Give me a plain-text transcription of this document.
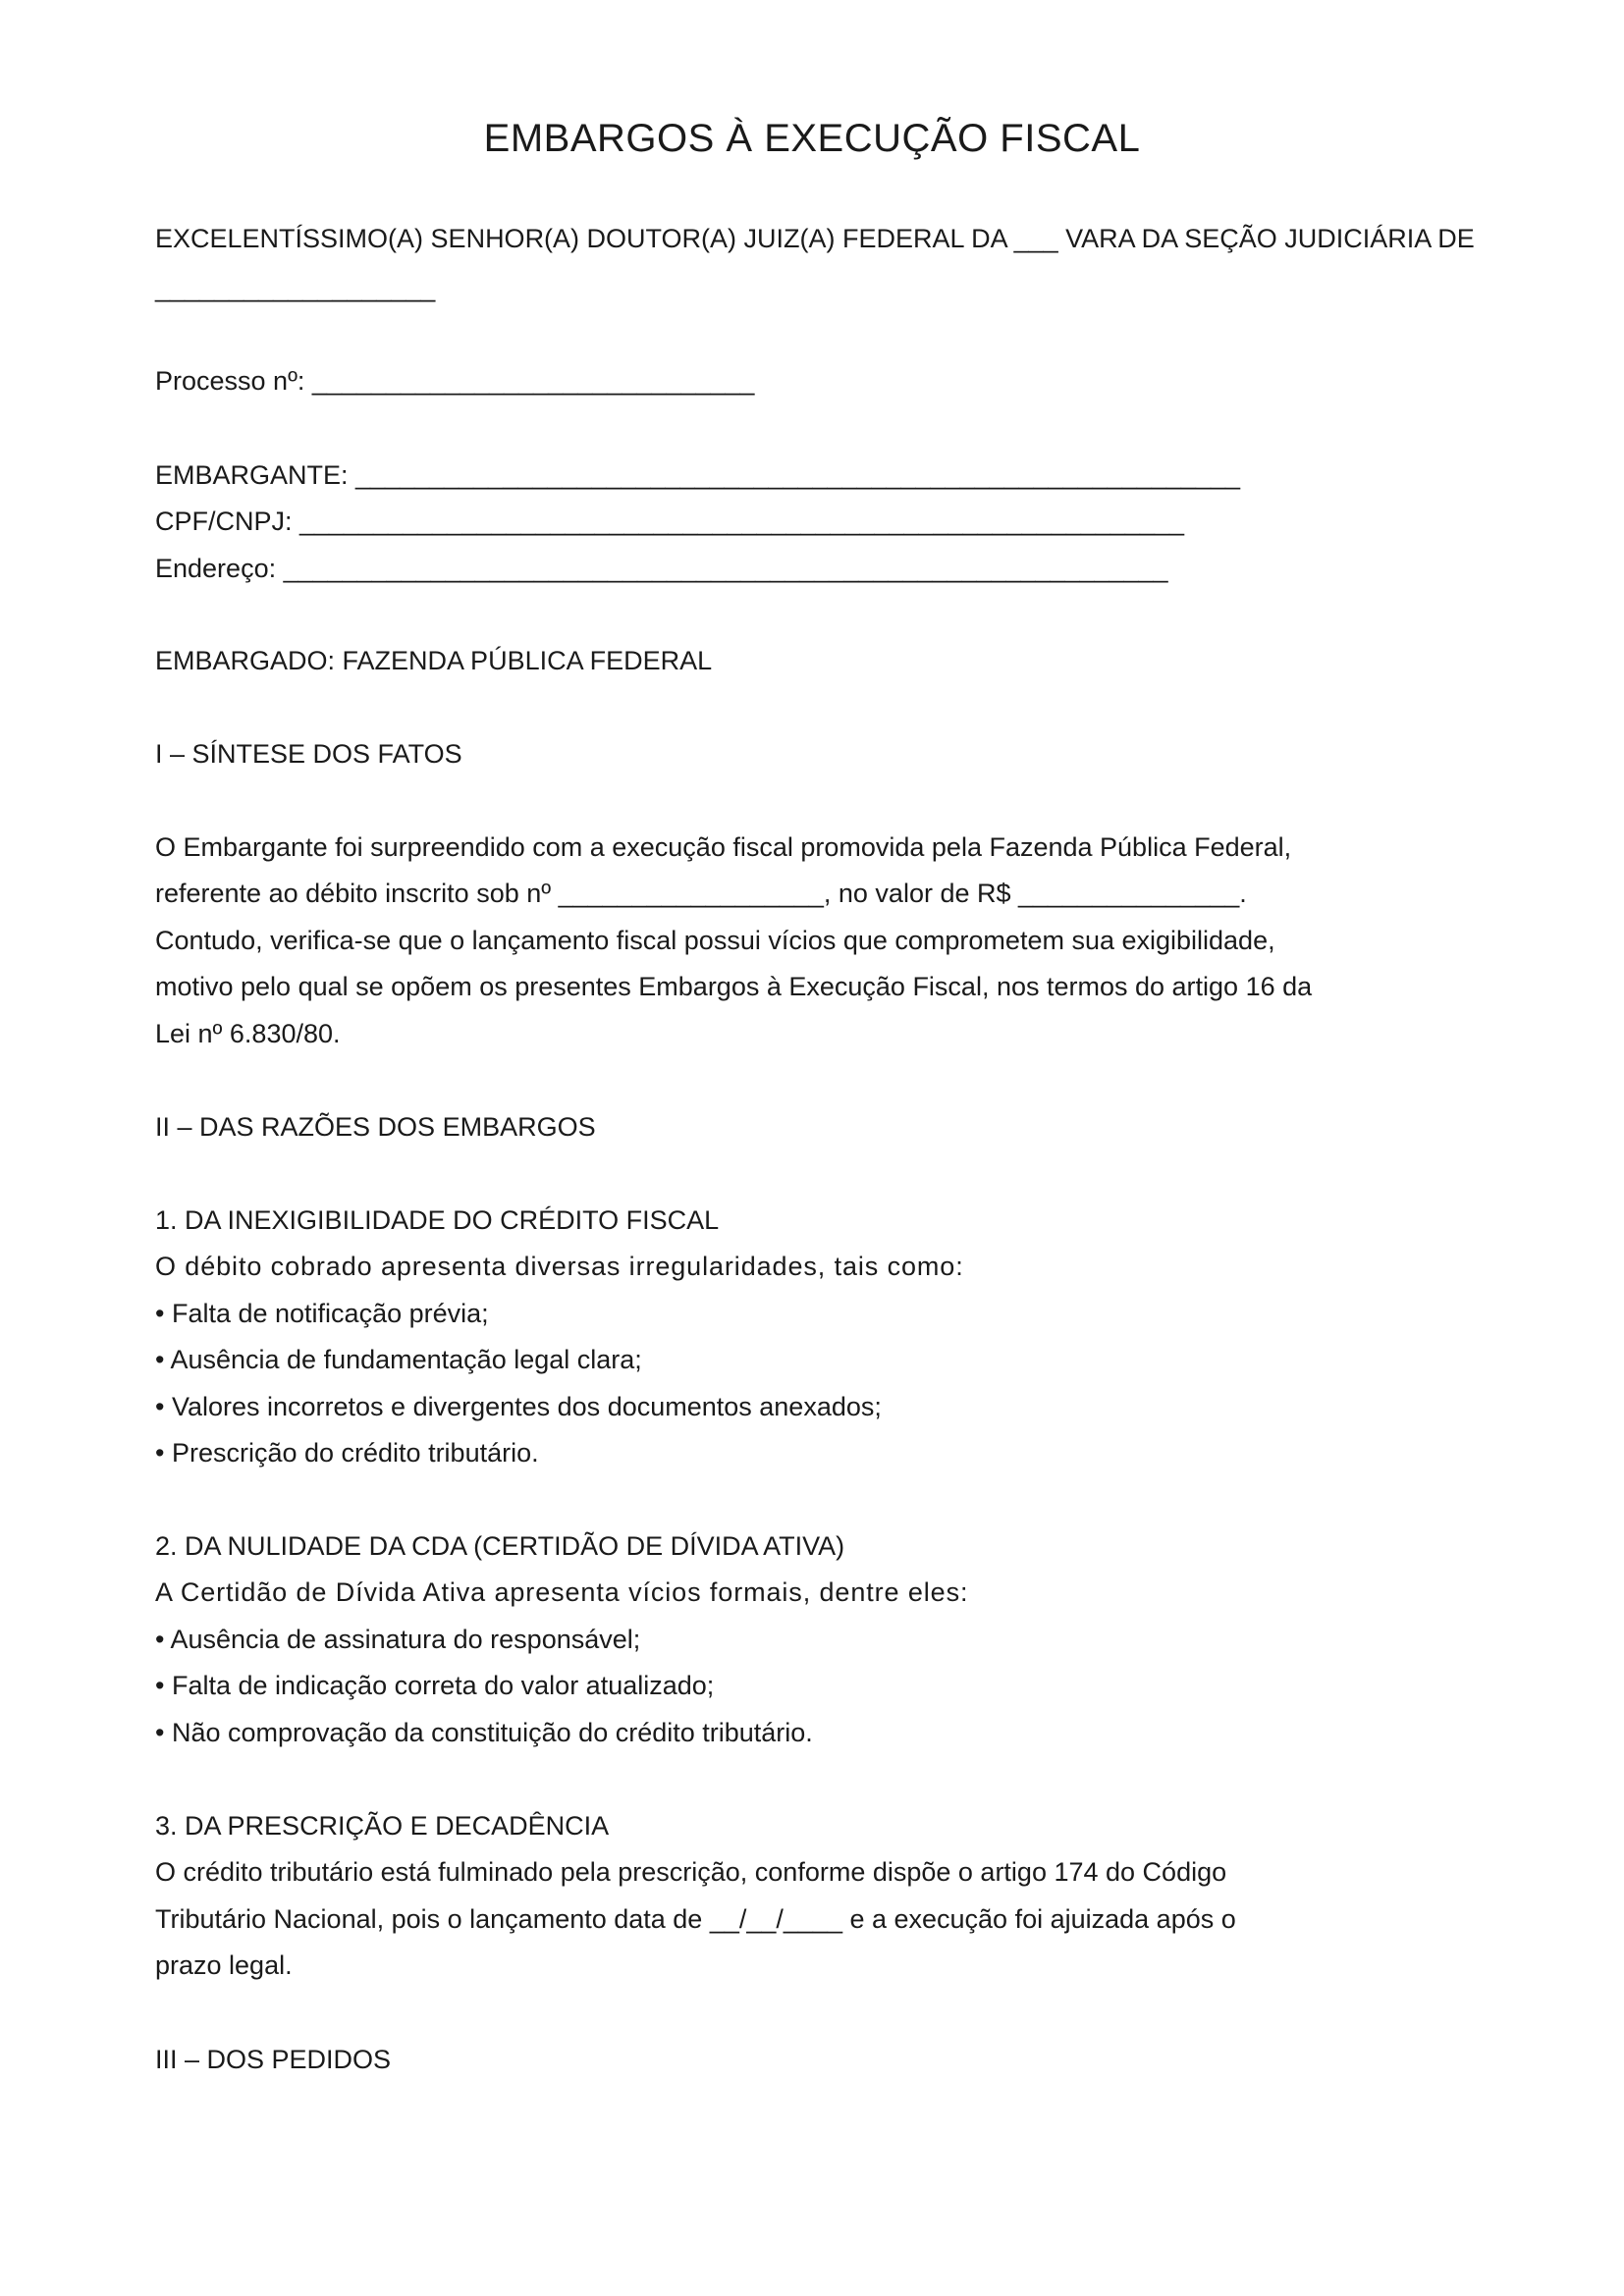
EMBARGOS À EXECUÇÃO FISCAL

EXCELENTÍSSIMO(A) SENHOR(A) DOUTOR(A) JUIZ(A) FEDERAL DA ___ VARA DA SEÇÃO JUDICIÁRIA DE

___________________

Processo nº: ______________________________

EMBARGANTE: ____________________________________________________________

CPF/CNPJ: ____________________________________________________________

Endereço: ____________________________________________________________

EMBARGADO: FAZENDA PÚBLICA FEDERAL

I – SÍNTESE DOS FATOS

O Embargante foi surpreendido com a execução fiscal promovida pela Fazenda Pública Federal,

referente ao débito inscrito sob nº __________________, no valor de R$ _______________.

Contudo, verifica-se que o lançamento fiscal possui vícios que comprometem sua exigibilidade,

motivo pelo qual se opõem os presentes Embargos à Execução Fiscal, nos termos do artigo 16 da

Lei nº 6.830/80.

II – DAS RAZÕES DOS EMBARGOS

1. DA INEXIGIBILIDADE DO CRÉDITO FISCAL

O débito cobrado apresenta diversas irregularidades, tais como:

• Falta de notificação prévia;

• Ausência de fundamentação legal clara;

• Valores incorretos e divergentes dos documentos anexados;

• Prescrição do crédito tributário.

2. DA NULIDADE DA CDA (CERTIDÃO DE DÍVIDA ATIVA)

A Certidão de Dívida Ativa apresenta vícios formais, dentre eles:

• Ausência de assinatura do responsável;

• Falta de indicação correta do valor atualizado;

• Não comprovação da constituição do crédito tributário.

3. DA PRESCRIÇÃO E DECADÊNCIA

O crédito tributário está fulminado pela prescrição, conforme dispõe o artigo 174 do Código

Tributário Nacional, pois o lançamento data de __/__/____ e a execução foi ajuizada após o

prazo legal.

III – DOS PEDIDOS
